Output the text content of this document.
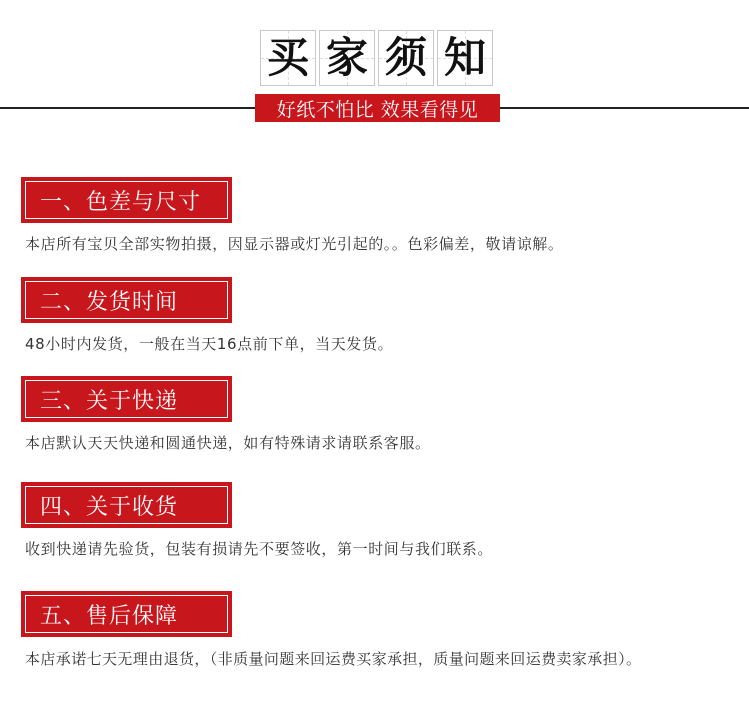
买 家 须 知
好纸不怕比 效果看得见
一、色差与尺寸
本店所有宝贝全部实物拍摄，因显示器或灯光引起的。。色彩偏差，敬请谅解。
二、发货时间
48小时内发货，一般在当天16点前下单，当天发货。
三、关于快递
本店默认天天快递和圆通快递，如有特殊请求请联系客服。
四、关于收货
收到快递请先验货，包装有损请先不要签收，第一时间与我们联系。
五、售后保障
本店承诺七天无理由退货，（非质量问题来回运费买家承担，质量问题来回运费卖家承担）。
